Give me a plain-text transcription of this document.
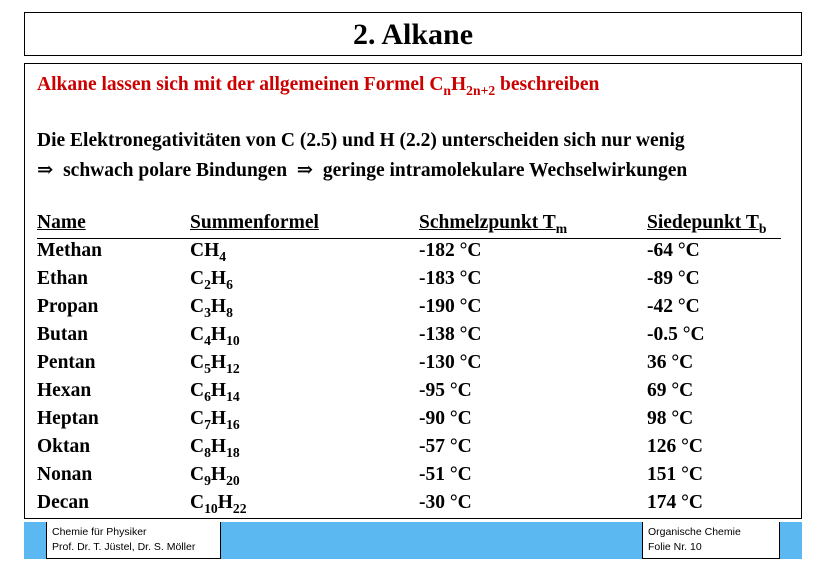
2. Alkane
Alkane lassen sich mit der allgemeinen Formel $C_nH_{2n+2}$ beschreiben
Die Elektronegativitäten von C (2.5) und H (2.2) unterscheiden sich nur wenig
⇒ schwach polare Bindungen ⇒ geringe intramolekulare Wechselwirkungen
Name	Summenformel	Schmelzpunkt $T_m$	Siedepunkt $T_b$
Methan	$CH_4$	-182 °C	-64 °C
Ethan	$C_2H_6$	-183 °C	-89 °C
Propan	$C_3H_8$	-190 °C	-42 °C
Butan	$C_4H_{10}$	-138 °C	-0.5 °C
Pentan	$C_5H_{12}$	-130 °C	36 °C
Hexan	$C_6H_{14}$	-95 °C	69 °C
Heptan	$C_7H_{16}$	-90 °C	98 °C
Oktan	$C_8H_{18}$	-57 °C	126 °C
Nonan	$C_9H_{20}$	-51 °C	151 °C
Decan	$C_{10}H_{22}$	-30 °C	174 °C
Chemie für Physiker
Prof. Dr. T. Jüstel, Dr. S. Möller
Organische Chemie
Folie Nr. 10
